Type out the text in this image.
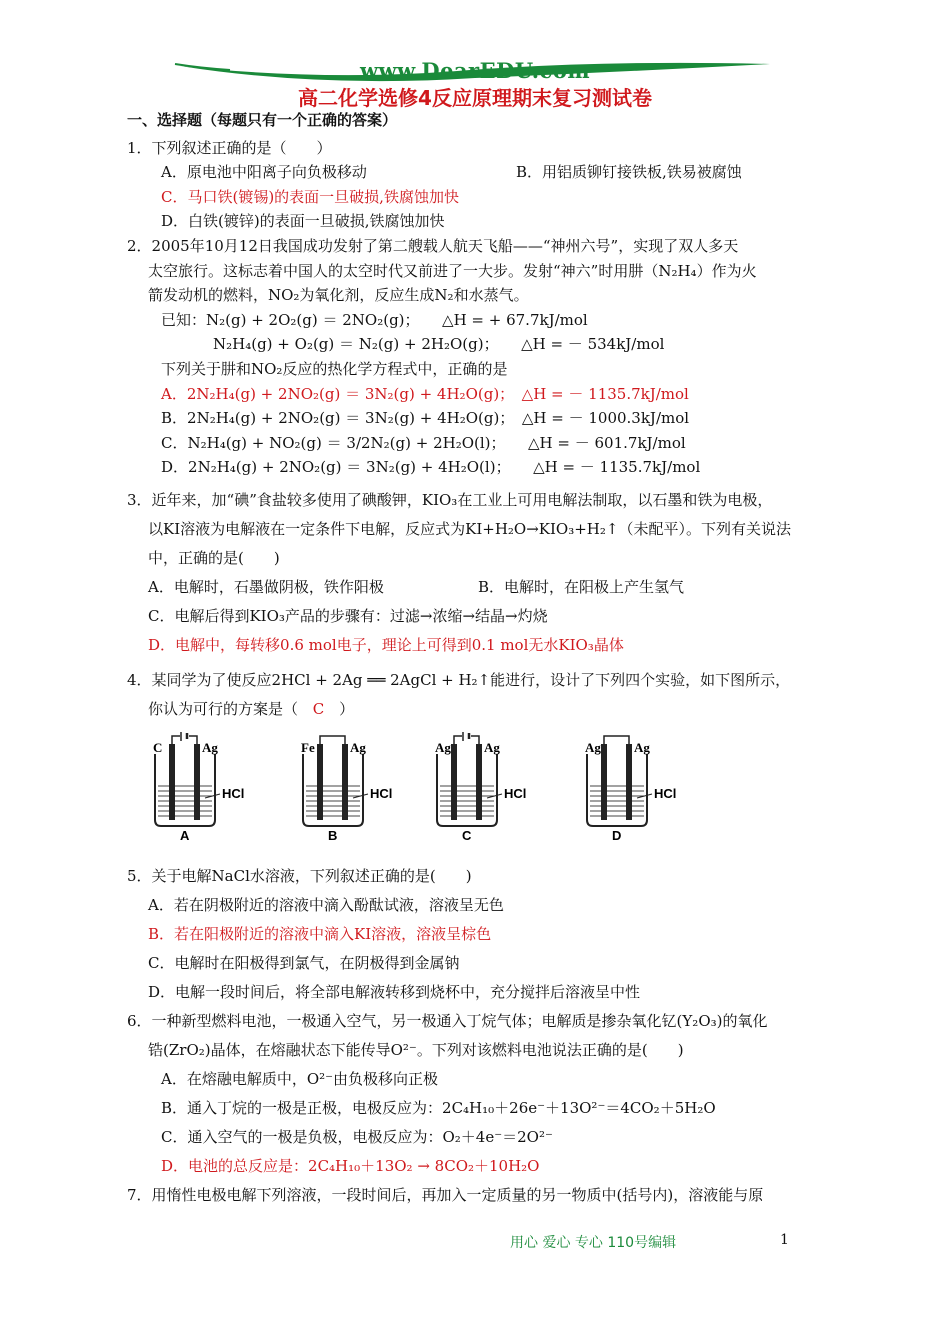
www.DearEDU.com
高二化学选修4反应原理期末复习测试卷

一、选择题（每题只有一个正确的答案）

1．下列叙述正确的是（　　）

A．原电池中阳离子向负极移动	B．用铝质铆钉接铁板,铁易被腐蚀

C．马口铁(镀锡)的表面一旦破损,铁腐蚀加快

D．白铁(镀锌)的表面一旦破损,铁腐蚀加快

2．2005年10月12日我国成功发射了第二艘载人航天飞船——“神州六号”，实现了双人多天

太空旅行。这标志着中国人的太空时代又前进了一大步。发射“神六”时用肼（N₂H₄）作为火

箭发动机的燃料，NO₂为氧化剂，反应生成N₂和水蒸气。

已知：N₂(g) + 2O₂(g) ＝ 2NO₂(g)；　　△H = + 67.7kJ/mol

N₂H₄(g) + O₂(g) ＝ N₂(g) + 2H₂O(g)；　　△H = － 534kJ/mol

下列关于肼和NO₂反应的热化学方程式中，正确的是

A．2N₂H₄(g) + 2NO₂(g) ＝ 3N₂(g) + 4H₂O(g)；　△H = － 1135.7kJ/mol

B．2N₂H₄(g) + 2NO₂(g) ＝ 3N₂(g) + 4H₂O(g)；　△H = － 1000.3kJ/mol

C．N₂H₄(g) + NO₂(g) ＝ 3/2N₂(g) + 2H₂O(l)；　　△H = － 601.7kJ/mol

D．2N₂H₄(g) + 2NO₂(g) ＝ 3N₂(g) + 4H₂O(l)；　　△H = － 1135.7kJ/mol

3．近年来，加“碘”食盐较多使用了碘酸钾，KIO₃在工业上可用电解法制取，以石墨和铁为电极，

以KI溶液为电解液在一定条件下电解，反应式为KI+H₂O→KIO₃+H₂↑（未配平）。下列有关说法

中，正确的是(　　)

A．电解时，石墨做阴极，铁作阳极	B．电解时，在阳极上产生氢气

C．电解后得到KIO₃产品的步骤有：过滤→浓缩→结晶→灼烧

D．电解中，每转移0.6 mol电子，理论上可得到0.1 mol无水KIO₃晶体

4．某同学为了使反应2HCl + 2Ag ══ 2AgCl + H₂↑能进行，设计了下列四个实验，如下图所示，

你认为可行的方案是（ C ）

C	Ag
HCl
A
Fe	Ag
HCl
B
Ag	Ag
HCl
C
Ag	Ag
HCl
D

5．关于电解NaCl水溶液，下列叙述正确的是(　　)

A．若在阴极附近的溶液中滴入酚酞试液，溶液呈无色

B．若在阳极附近的溶液中滴入KI溶液，溶液呈棕色

C．电解时在阳极得到氯气，在阴极得到金属钠

D．电解一段时间后，将全部电解液转移到烧杯中，充分搅拌后溶液呈中性

6．一种新型燃料电池，一极通入空气，另一极通入丁烷气体；电解质是掺杂氧化钇(Y₂O₃)的氧化

锆(ZrO₂)晶体，在熔融状态下能传导O²⁻。下列对该燃料电池说法正确的是(　　)

A．在熔融电解质中，O²⁻由负极移向正极

B．通入丁烷的一极是正极，电极反应为：2C₄H₁₀＋26e⁻＋13O²⁻＝4CO₂＋5H₂O

C．通入空气的一极是负极，电极反应为：O₂＋4e⁻＝2O²⁻

D．电池的总反应是：2C₄H₁₀＋13O₂ → 8CO₂＋10H₂O

7．用惰性电极电解下列溶液，一段时间后，再加入一定质量的另一物质中(括号内)，溶液能与原

用心 爱心 专心 110号编辑	1
